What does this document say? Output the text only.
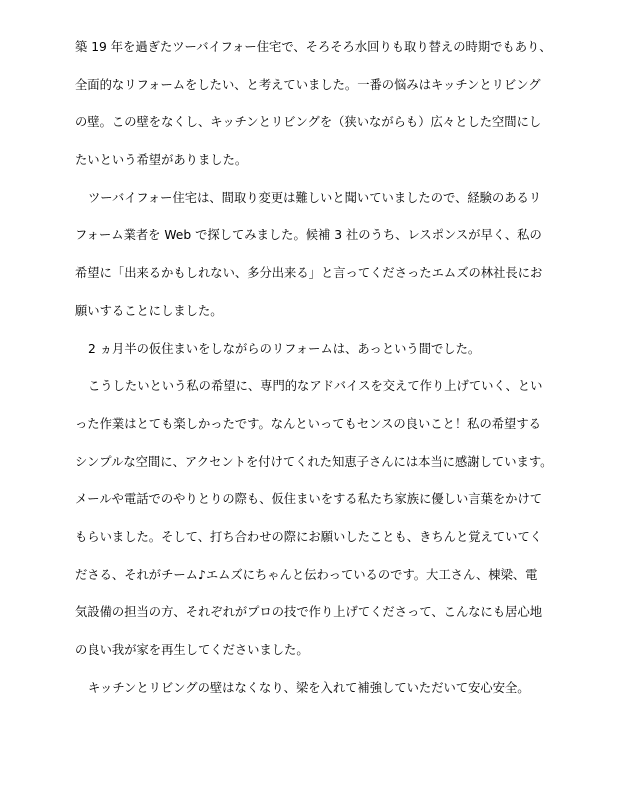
築 19 年を過ぎたツーバイフォー住宅で、そろそろ水回りも取り替えの時期でもあり、
全面的なリフォームをしたい、と考えていました。一番の悩みはキッチンとリビング
の壁。この壁をなくし、キッチンとリビングを（狭いながらも）広々とした空間にし
たいという希望がありました。
ツーバイフォー住宅は、間取り変更は難しいと聞いていましたので、経験のあるリ
フォーム業者を Web で探してみました。候補 3 社のうち、レスポンスが早く、私の
希望に「出来るかもしれない、多分出来る」と言ってくださったエムズの林社長にお
願いすることにしました。
2 ヵ月半の仮住まいをしながらのリフォームは、あっという間でした。
こうしたいという私の希望に、専門的なアドバイスを交えて作り上げていく、とい
った作業はとても楽しかったです。なんといってもセンスの良いこと！私の希望する
シンプルな空間に、アクセントを付けてくれた知恵子さんには本当に感謝しています。
メールや電話でのやりとりの際も、仮住まいをする私たち家族に優しい言葉をかけて
もらいました。そして、打ち合わせの際にお願いしたことも、きちんと覚えていてく
ださる、それがチーム♪エムズにちゃんと伝わっているのです。大工さん、棟梁、電
気設備の担当の方、それぞれがプロの技で作り上げてくださって、こんなにも居心地
の良い我が家を再生してくださいました。
キッチンとリビングの壁はなくなり、梁を入れて補強していただいて安心安全。
